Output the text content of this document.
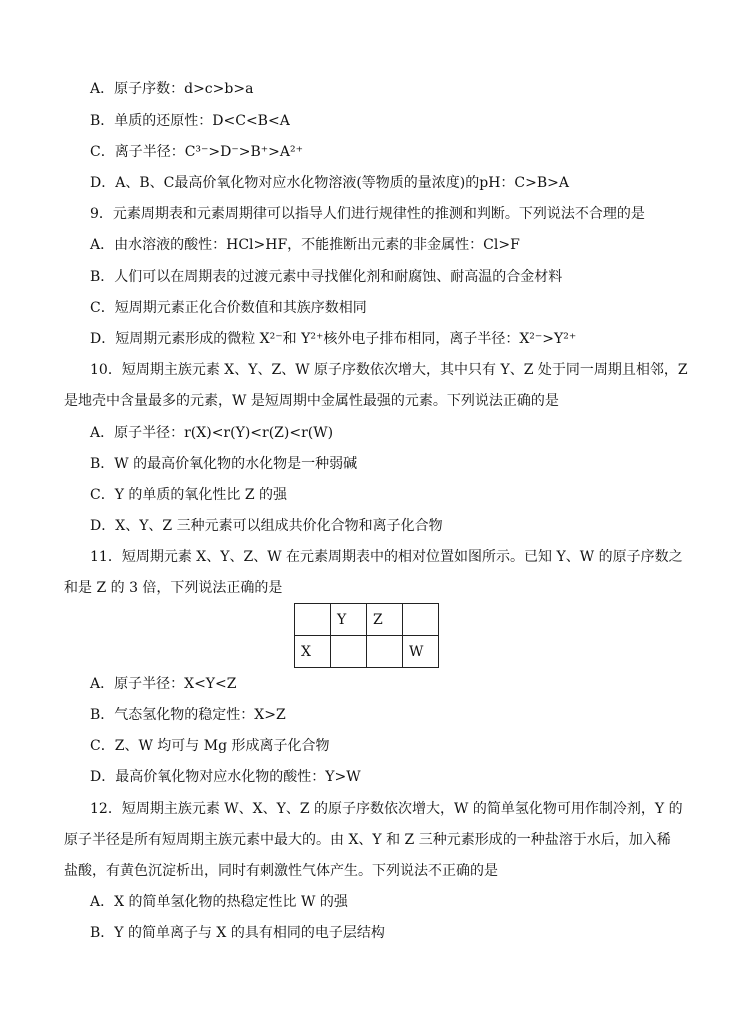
A．原子序数：d>c>b>a
B．单质的还原性：D<C<B<A
C．离子半径：C³⁻>D⁻>B⁺>A²⁺
D．A、B、C最高价氧化物对应水化物溶液(等物质的量浓度)的pH：C>B>A
9．元素周期表和元素周期律可以指导人们进行规律性的推测和判断。下列说法不合理的是
A．由水溶液的酸性：HCl>HF，不能推断出元素的非金属性：Cl>F
B．人们可以在周期表的过渡元素中寻找催化剂和耐腐蚀、耐高温的合金材料
C．短周期元素正化合价数值和其族序数相同
D．短周期元素形成的微粒 X²⁻和 Y²⁺核外电子排布相同，离子半径：X²⁻>Y²⁺
10．短周期主族元素 X、Y、Z、W 原子序数依次增大，其中只有 Y、Z 处于同一周期且相邻，Z
是地壳中含量最多的元素，W 是短周期中金属性最强的元素。下列说法正确的是
A．原子半径：r(X)<r(Y)<r(Z)<r(W)
B．W 的最高价氧化物的水化物是一种弱碱
C．Y 的单质的氧化性比 Z 的强
D．X、Y、Z 三种元素可以组成共价化合物和离子化合物
11．短周期元素 X、Y、Z、W 在元素周期表中的相对位置如图所示。已知 Y、W 的原子序数之
和是 Z 的 3 倍，下列说法正确的是
	Y	Z	
X			W
A．原子半径：X<Y<Z
B．气态氢化物的稳定性：X>Z
C．Z、W 均可与 Mg 形成离子化合物
D．最高价氧化物对应水化物的酸性：Y>W
12．短周期主族元素 W、X、Y、Z 的原子序数依次增大，W 的简单氢化物可用作制冷剂，Y 的
原子半径是所有短周期主族元素中最大的。由 X、Y 和 Z 三种元素形成的一种盐溶于水后，加入稀
盐酸，有黄色沉淀析出，同时有刺激性气体产生。下列说法不正确的是
A．X 的简单氢化物的热稳定性比 W 的强
B．Y 的简单离子与 X 的具有相同的电子层结构
